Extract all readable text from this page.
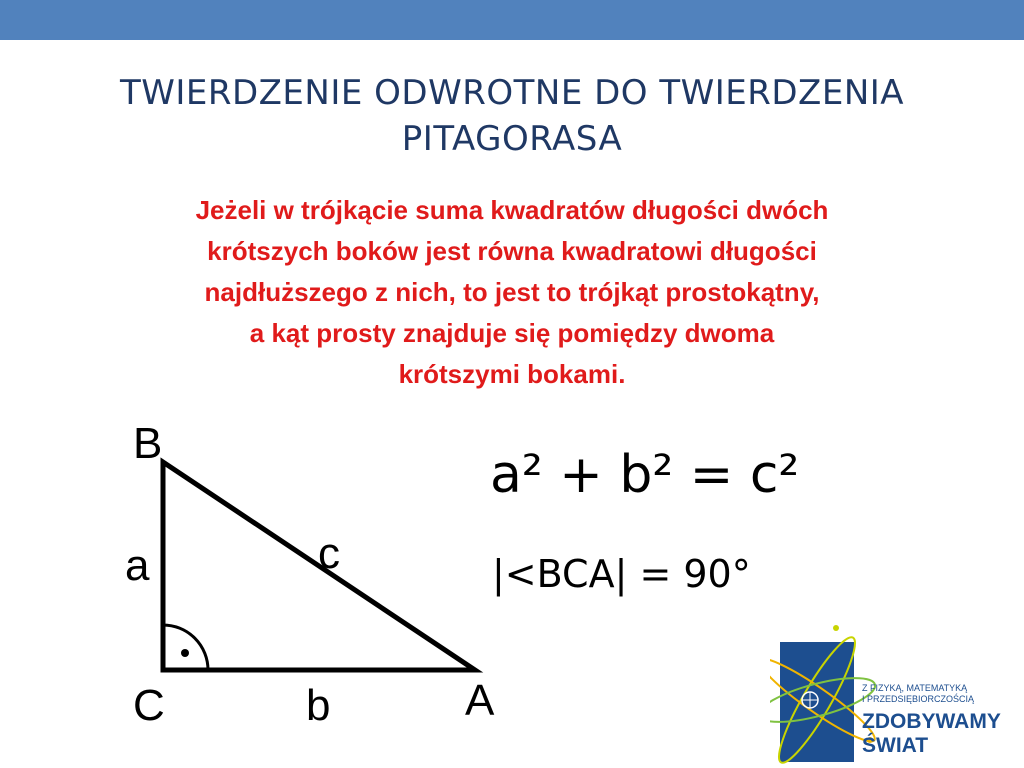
TWIERDZENIE ODWROTNE DO TWIERDZENIA
PITAGORASA
Jeżeli w trójkącie suma kwadratów długości dwóch
krótszych boków jest równa kwadratowi długości
najdłuższego z nich, to jest to trójkąt prostokątny,
a kąt prosty znajduje się pomiędzy dwoma
krótszymi bokami.
B
C	A
a
b
c
a² + b² = c²
|<BCA| = 90°
Z FIZYKĄ, MATEMATYKĄ
I PRZEDSIĘBIORCZOŚCIĄ
ZDOBYWAMY
ŚWIAT
